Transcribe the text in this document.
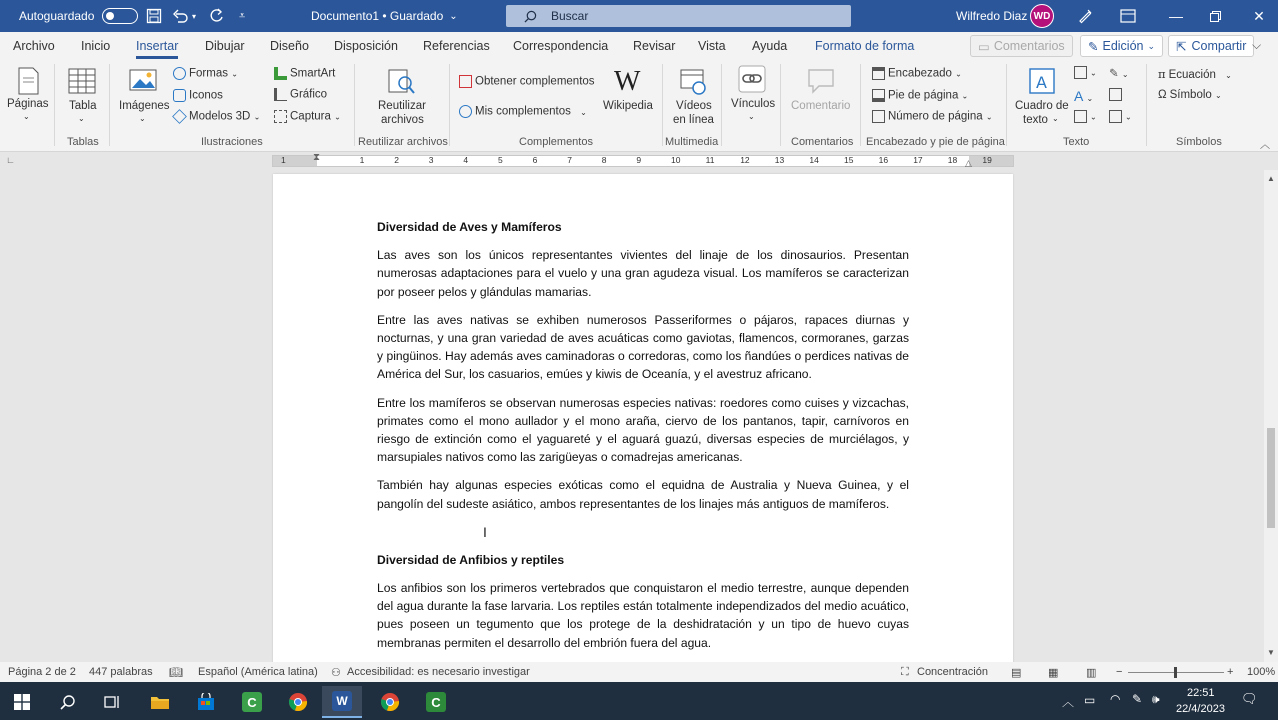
Autoguardado	▾	⩡	Documento1 • Guardado ⌄	Buscar	Wilfredo Diaz WD	—	✕
Archivo Inicio Insertar Dibujar Diseño Disposición Referencias Correspondencia Revisar Vista Ayuda Formato de forma	▭ Comentarios ✎ Edición ⌄ ⇱ Compartir ⌵
Páginas
⌄
Tabla
⌄
Tablas
Imágenes
⌄
Formas ⌄
Iconos
Modelos 3D ⌄
SmartArt
Gráfico
Captura ⌄
Ilustraciones
Reutilizar
archivos
Reutilizar archivos
Obtener complementos
Mis complementos ⌄
W
Wikipedia
Complementos
Vídeos
en línea
Multimedia
Vínculos
⌄
Comentario
Comentarios
Encabezado ⌄
Pie de página ⌄
Número de página ⌄
Encabezado y pie de página
A
Cuadro de
texto ⌄
⌄
A ⌄
⌄
✎ ⌄
⌄
Texto
π Ecuación ⌄
Ω Símbolo ⌄
Símbolos	︿
∟	1	1	2	3	4	5	6	7	8	9	10	11	12	13	14	15	16	17	18	19
⧗	△
Diversidad de Aves y Mamíferos

Las aves son los únicos representantes vivientes del linaje de los dinosaurios. Presentan numerosas adaptaciones para el vuelo y una gran agudeza visual. Los mamíferos se caracterizan por poseer pelos y glándulas mamarias.

Entre las aves nativas se exhiben numerosos Passeriformes o pájaros, rapaces diurnas y nocturnas, y una gran variedad de aves acuáticas como gaviotas, flamencos, cormoranes, garzas y pingüinos. Hay además aves caminadoras o corredoras, como los ñandúes o perdices nativas de América del Sur, los casuarios, emúes y kiwis de Oceanía, y el avestruz africano.

Entre los mamíferos se observan numerosas especies nativas: roedores como cuises y vizcachas, primates como el mono aullador y el mono araña, ciervo de los pantanos, tapir, carnívoros en riesgo de extinción como el yaguareté y el aguará guazú, diversas especies de murciélagos, y marsupiales nativos como las zarigüeyas o comadrejas americanas.

También hay algunas especies exóticas como el equidna de Australia y Nueva Guinea, y el pangolín del sudeste asiático, ambos representantes de los linajes más antiguos de mamíferos.

Diversidad de Anfibios y reptiles

Los anfibios son los primeros vertebrados que conquistaron el medio terrestre, aunque dependen del agua durante la fase larvaria. Los reptiles están totalmente independizados del medio acuático, pues poseen un tegumento que los protege de la deshidratación y un tipo de huevo cuyas membranas permiten el desarrollo del embrión fuera del agua.

I
▲
▼
Página 2 de 2 447 palabras 📖︎ Español (América latina) ⚇ Accesibilidad: es necesario investigar	⛶ Concentración ▤ ▦	▥ −	+ 100%
C	W	C	︿ ▭ ◠ ✎ 🕪︎ 22:51
22/4/2023
🗨︎
